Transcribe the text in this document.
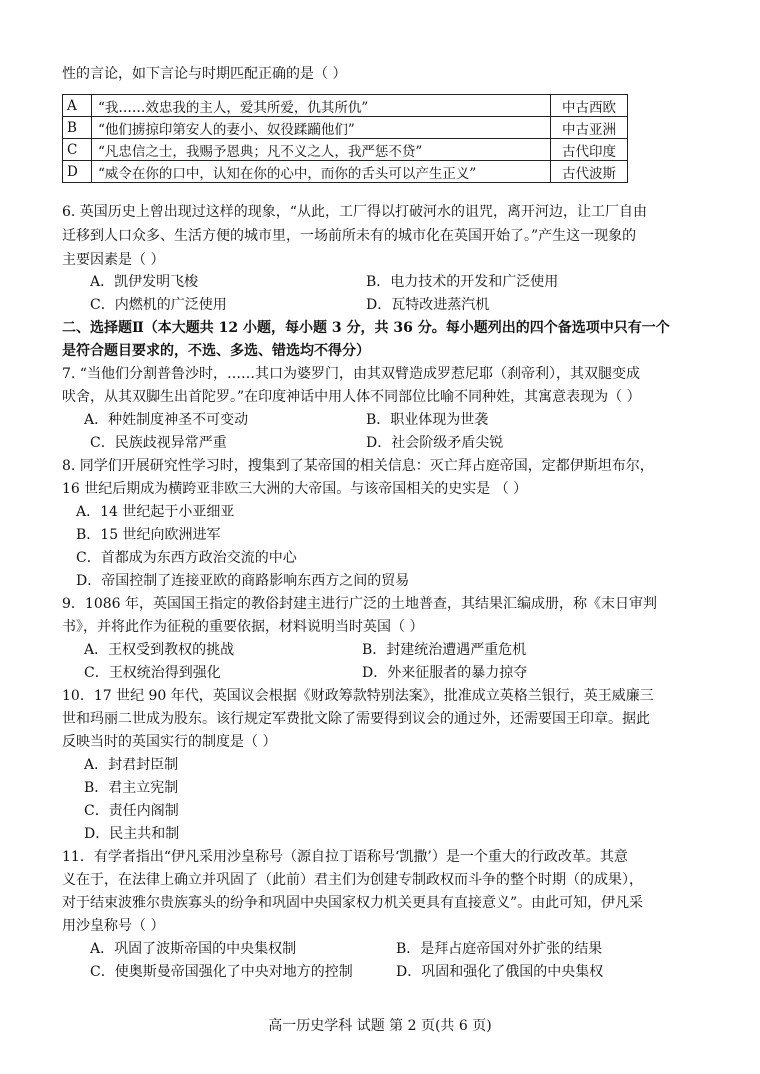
性的言论，如下言论与时期匹配正确的是（ ）
A	“我……效忠我的主人，爱其所爱，仇其所仇”	中古西欧
B	“他们掳掠印第安人的妻小、奴役蹂躏他们”	中古亚洲
C	“凡忠信之士，我赐予恩典；凡不义之人，我严惩不贷”	古代印度
D	“威令在你的口中，认知在你的心中，而你的舌头可以产生正义”	古代波斯
6. 英国历史上曾出现过这样的现象，“从此，工厂得以打破河水的诅咒，离开河边，让工厂自由
迁移到人口众多、生活方便的城市里，一场前所未有的城市化在英国开始了。”产生这一现象的
主要因素是（ ）
A．凯伊发明飞梭	B．电力技术的开发和广泛使用
C．内燃机的广泛使用	D．瓦特改进蒸汽机
二、选择题Ⅱ（本大题共 12 小题，每小题 3 分，共 36 分。每小题列出的四个备选项中只有一个
是符合题目要求的，不选、多选、错选均不得分）
7. “当他们分割普鲁沙时，……其口为婆罗门，由其双臂造成罗惹尼耶（刹帝利），其双腿变成
吠舍，从其双脚生出首陀罗。”在印度神话中用人体不同部位比喻不同种姓，其寓意表现为（ ）
A．种姓制度神圣不可变动	B．职业体现为世袭
C．民族歧视异常严重	D．社会阶级矛盾尖锐
8. 同学们开展研究性学习时，搜集到了某帝国的相关信息：灭亡拜占庭帝国，定都伊斯坦布尔，
16 世纪后期成为横跨亚非欧三大洲的大帝国。与该帝国相关的史实是 （ ）
A．14 世纪起于小亚细亚
B．15 世纪向欧洲进军
C．首都成为东西方政治交流的中心
D．帝国控制了连接亚欧的商路影响东西方之间的贸易
9．1086 年，英国国王指定的教俗封建主进行广泛的土地普查，其结果汇编成册，称《末日审判
书》，并将此作为征税的重要依据，材料说明当时英国（ ）
A．王权受到教权的挑战	B．封建统治遭遇严重危机
C．王权统治得到强化	D．外来征服者的暴力掠夺
10．17 世纪 90 年代，英国议会根据《财政筹款特别法案》，批准成立英格兰银行，英王威廉三
世和玛丽二世成为股东。该行规定军费批文除了需要得到议会的通过外，还需要国王印章。据此
反映当时的英国实行的制度是（ ）
A．封君封臣制
B．君主立宪制
C．责任内阁制
D．民主共和制
11．有学者指出“伊凡采用沙皇称号（源自拉丁语称号‘凯撒’）是一个重大的行政改革。其意
义在于，在法律上确立并巩固了（此前）君主们为创建专制政权而斗争的整个时期（的成果），
对于结束波雅尔贵族寡头的纷争和巩固中央国家权力机关更具有直接意义”。由此可知，伊凡采
用沙皇称号（ ）
A．巩固了波斯帝国的中央集权制	B．是拜占庭帝国对外扩张的结果
C．使奥斯曼帝国强化了中央对地方的控制	D．巩固和强化了俄国的中央集权
高一历史学科 试题 第 2 页(共 6 页)
